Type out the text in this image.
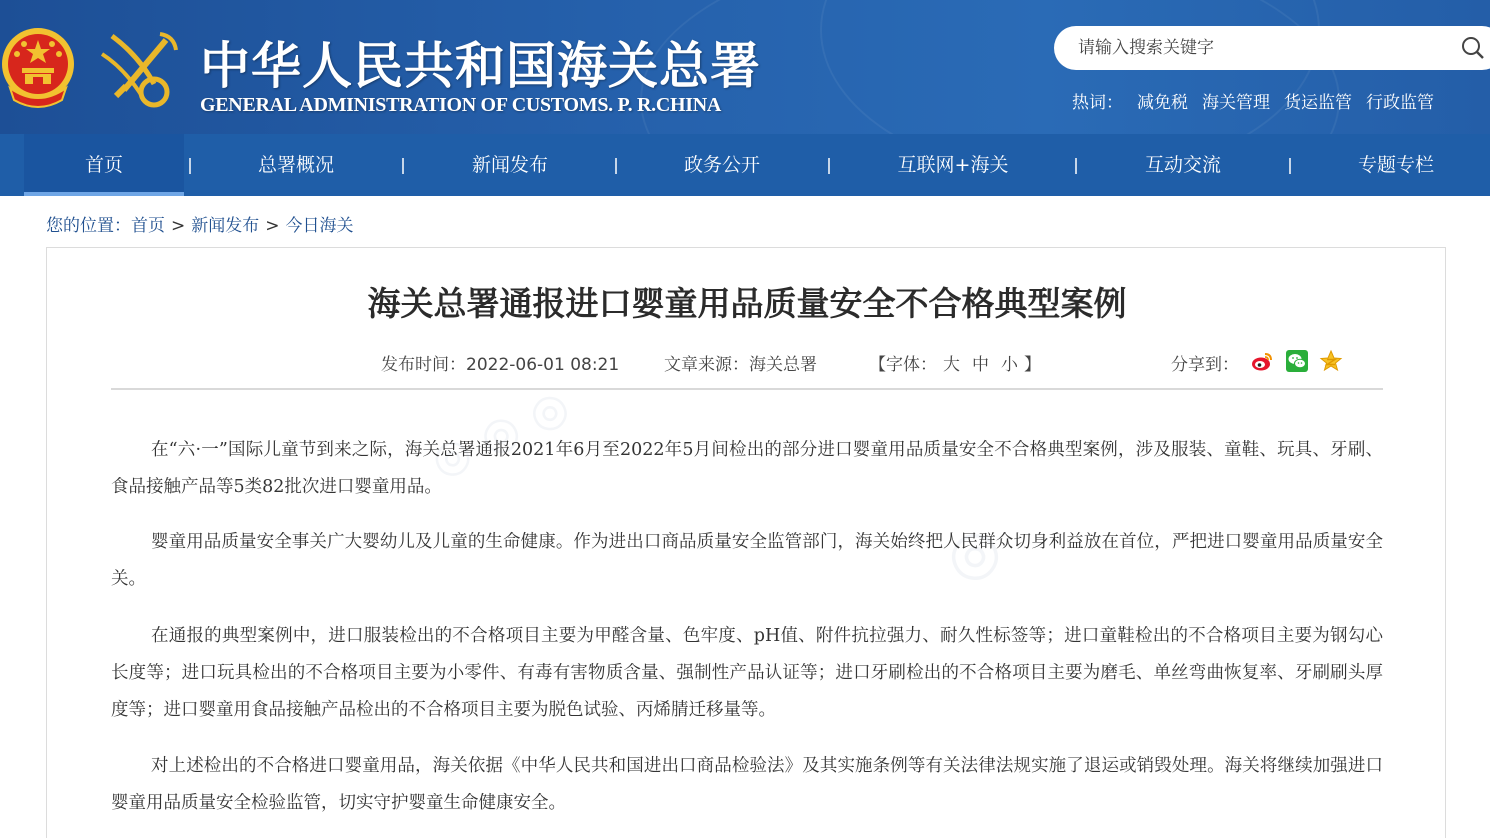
中华人民共和国海关总署
GENERAL ADMINISTRATION OF CUSTOMS. P. R.CHINA
请输入搜索关键字	热词： 减免税 海关管理 货运监管 行政监管
首页	总署概况	新闻发布	政务公开	互联网+海关	互动交流	专题专栏
您的位置：首页 > 新闻发布 > 今日海关
◎ ◎ ◎
◎
海关总署通报进口婴童用品质量安全不合格典型案例
发布时间：2022-06-01 08:21	文章来源：海关总署	【字体： 大 中 小 】	分享到：

在“六·一”国际儿童节到来之际，海关总署通报2021年6月至2022年5月间检出的部分进口婴童用品质量安全不合格典型案例，涉及服装、童鞋、玩具、牙刷、食品接触产品等5类82批次进口婴童用品。

婴童用品质量安全事关广大婴幼儿及儿童的生命健康。作为进出口商品质量安全监管部门，海关始终把人民群众切身利益放在首位，严把进口婴童用品质量安全关。

在通报的典型案例中，进口服装检出的不合格项目主要为甲醛含量、色牢度、pH值、附件抗拉强力、耐久性标签等；进口童鞋检出的不合格项目主要为钢勾心长度等；进口玩具检出的不合格项目主要为小零件、有毒有害物质含量、强制性产品认证等；进口牙刷检出的不合格项目主要为磨毛、单丝弯曲恢复率、牙刷刷头厚度等；进口婴童用食品接触产品检出的不合格项目主要为脱色试验、丙烯腈迁移量等。

对上述检出的不合格进口婴童用品，海关依据《中华人民共和国进出口商品检验法》及其实施条例等有关法律法规实施了退运或销毁处理。海关将继续加强进口婴童用品质量安全检验监管，切实守护婴童生命健康安全。
